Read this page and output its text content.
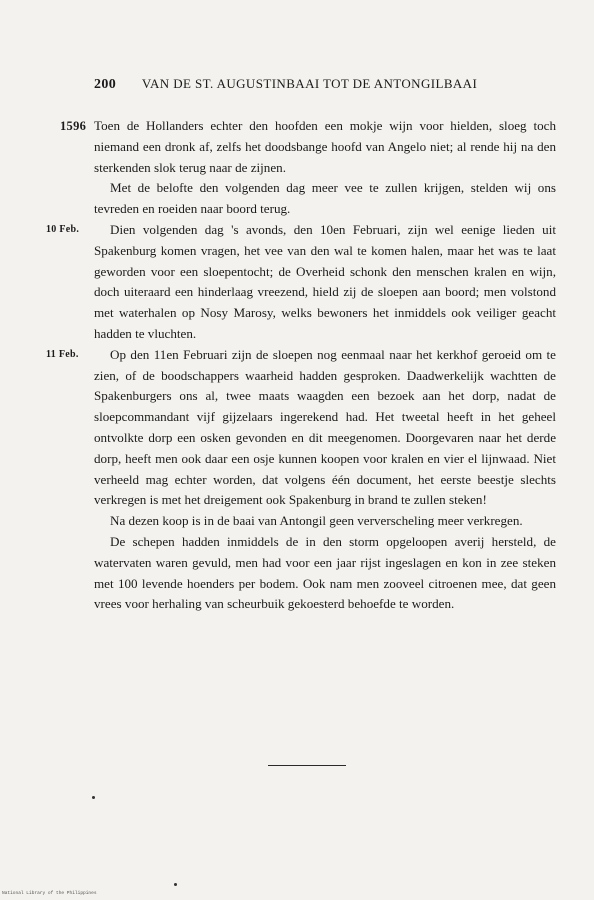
200 VAN DE ST. AUGUSTINBAAI TOT DE ANTONGILBAAI

1596 Toen de Hollanders echter den hoofden een mokje wijn voor hielden, sloeg toch niemand een dronk af, zelfs het doodsbange hoofd van Angelo niet; al rende hij na den sterkenden slok terug naar de zijnen.

Met de belofte den volgenden dag meer vee te zullen krijgen, stelden wij ons tevreden en roeiden naar boord terug.

10 Feb.	Dien volgenden dag 's avonds, den 10en Februari, zijn wel eenige lieden uit Spakenburg komen vragen, het vee van den wal te komen halen, maar het was te laat geworden voor een sloepentocht; de Overheid schonk den menschen kralen en wijn, doch uiteraard een hinderlaag vreezend, hield zij de sloepen aan boord; men volstond met waterhalen op Nosy Marosy, welks bewoners het inmiddels ook veiliger geacht hadden te vluchten.

11 Feb.	Op den 11en Februari zijn de sloepen nog eenmaal naar het kerkhof geroeid om te zien, of de boodschappers waarheid hadden gesproken. Daadwerkelijk wachtten de Spakenburgers ons al, twee maats waagden een bezoek aan het dorp, nadat de sloepcommandant vijf gijzelaars ingerekend had. Het tweetal heeft in het geheel ontvolkte dorp een osken gevonden en dit meegenomen. Doorgevaren naar het derde dorp, heeft men ook daar een osje kunnen koopen voor kralen en vier el lijnwaad. Niet verheeld mag echter worden, dat volgens één document, het eerste beestje slechts verkregen is met het dreigement ook Spakenburg in brand te zullen steken!

Na dezen koop is in de baai van Antongil geen ververscheling meer verkregen.

De schepen hadden inmiddels de in den storm opgeloopen averij hersteld, de watervaten waren gevuld, men had voor een jaar rijst ingeslagen en kon in zee steken met 100 levende hoenders per bodem. Ook nam men zooveel citroenen mee, dat geen vrees voor herhaling van scheurbuik gekoesterd behoefde te worden.

National Library of the Philippines
